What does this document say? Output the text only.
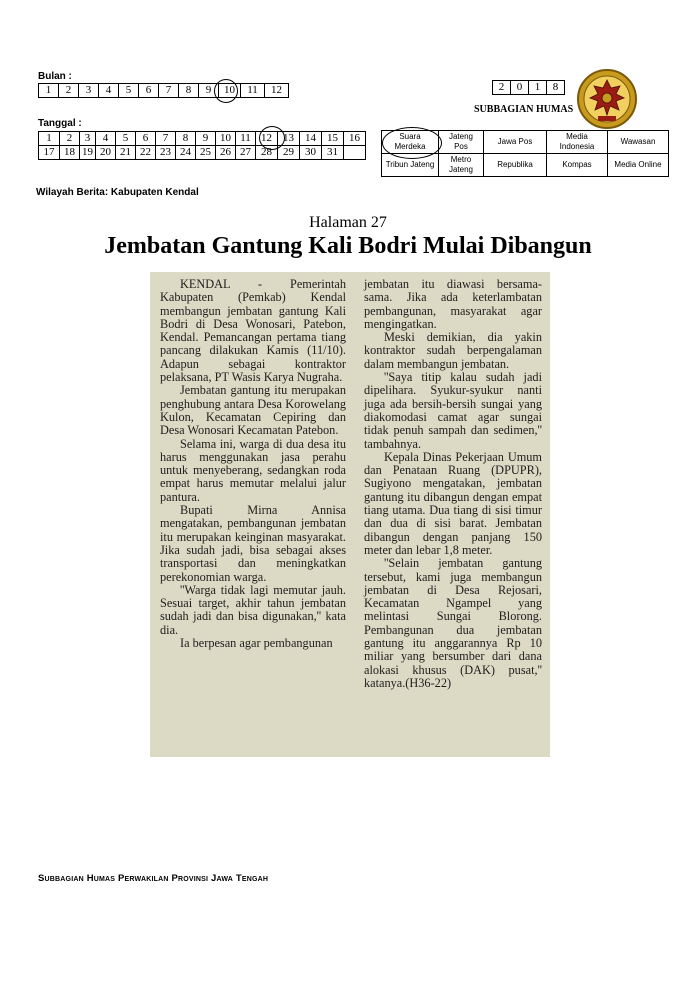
Bulan :
1	2	3	4	5	6	7	8	9	10	11	12
Tanggal :
1	2	3	4	5	6	7	8	9	10	11	12	13	14	15	16
17	18	19	20	21	22	23	24	25	26	27	28	29	30	31	
2	0	1	8
SUBBAGIAN HUMAS
Suara Merdeka	Jateng Pos	Jawa Pos	Media Indonesia	Wawasan
Tribun Jateng	Metro Jateng	Republika	Kompas	Media Online
Wilayah Berita: Kabupaten Kendal
Halaman 27
Jembatan Gantung Kali Bodri Mulai Dibangun

KENDAL - Pemerintah Kabupaten (Pemkab) Kendal membangun jembatan gantung Kali Bodri di Desa Wonosari, Patebon, Kendal. Pemancangan pertama tiang pancang dilakukan Kamis (11/10). Adapun sebagai kontraktor pelaksana, PT Wasis Karya Nugraha.

Jembatan gantung itu merupakan penghubung antara Desa Korowelang Kulon, Kecamatan Cepiring dan Desa Wonosari Kecamatan Patebon.

Selama ini, warga di dua desa itu harus menggunakan jasa perahu untuk menyeberang, sedangkan roda empat harus memutar melalui jalur pantura.

Bupati Mirna Annisa mengatakan, pembangunan jembatan itu merupakan keinginan masyarakat. Jika sudah jadi, bisa sebagai akses transportasi dan meningkatkan perekonomian warga.

''Warga tidak lagi memutar jauh. Sesuai target, akhir tahun jembatan sudah jadi dan bisa digunakan,'' kata dia.

Ia berpesan agar pembangunan

jembatan itu diawasi bersama-sama. Jika ada keterlambatan pembangunan, masyarakat agar mengingatkan.

Meski demikian, dia yakin kontraktor sudah berpengalaman dalam membangun jembatan.

''Saya titip kalau sudah jadi dipelihara. Syukur-syukur nanti juga ada bersih-bersih sungai yang diakomodasi camat agar sungai tidak penuh sampah dan sedimen,'' tambahnya.

Kepala Dinas Pekerjaan Umum dan Penataan Ruang (DPUPR), Sugiyono mengatakan, jembatan gantung itu dibangun dengan empat tiang utama. Dua tiang di sisi timur dan dua di sisi barat. Jembatan dibangun dengan panjang 150 meter dan lebar 1,8 meter.

''Selain jembatan gantung tersebut, kami juga membangun jembatan di Desa Rejosari, Kecamatan Ngampel yang melintasi Sungai Blorong. Pembangunan dua jembatan gantung itu anggarannya Rp 10 miliar yang bersumber dari dana alokasi khusus (DAK) pusat,'' katanya.(H36-22)

Subbagian Humas Perwakilan Provinsi Jawa Tengah
